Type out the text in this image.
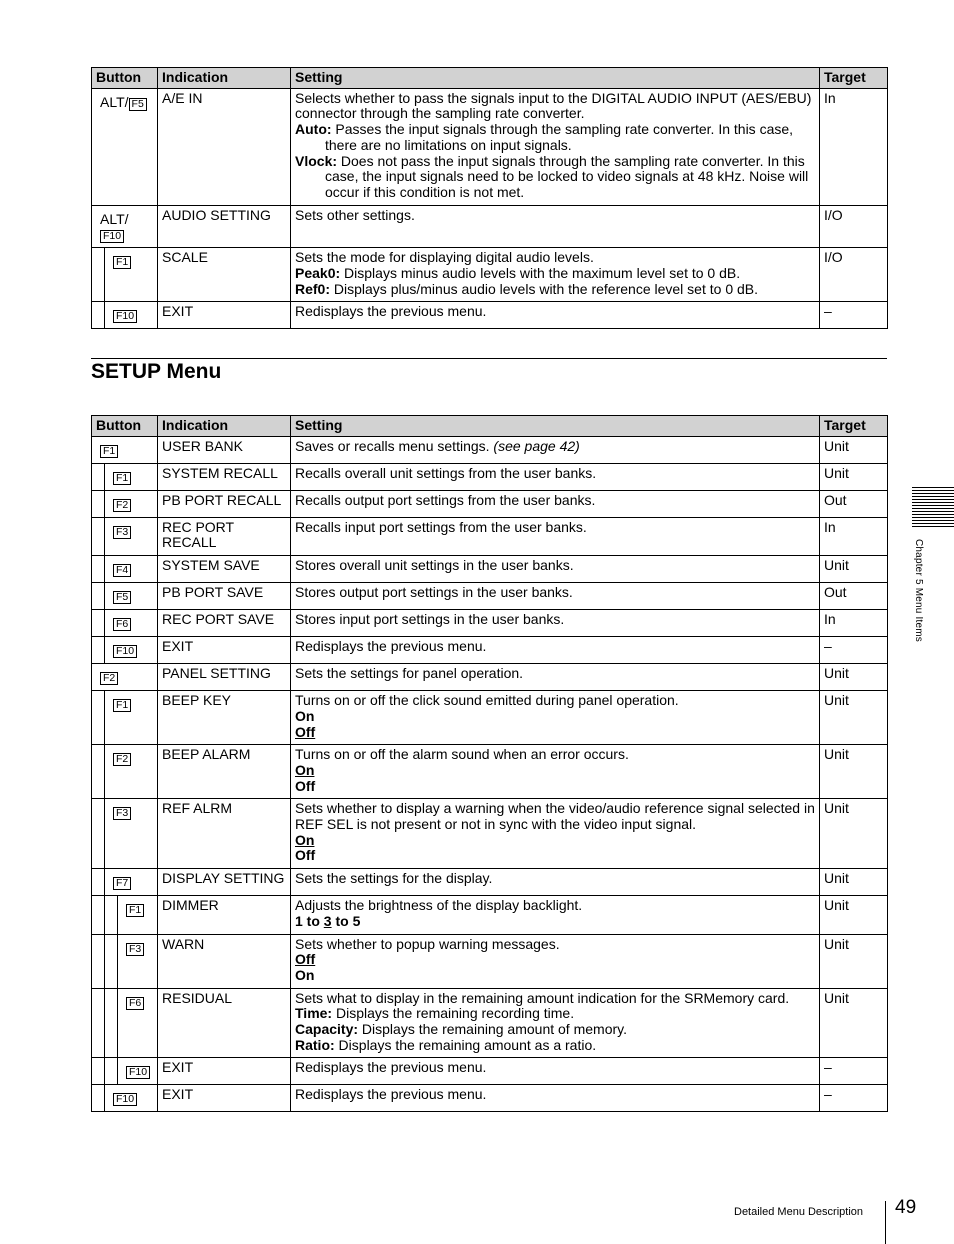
Button	Indication	Setting	Target

ALT/ F5	A/E IN	Selects whether to pass the signals input to the DIGITAL AUDIO INPUT (AES/EBU) connector through the sampling rate converter.
Auto: Passes the input signals through the sampling rate converter. In this case, there are no limitations on input signals.
Vlock: Does not pass the input signals through the sampling rate converter. In this case, the input signals need to be locked to video signals at 48 kHz. Noise will occur if this condition is not met.	In

ALT/
F10	AUDIO SETTING	Sets other settings.	I/O

F1	SCALE	Sets the mode for displaying digital audio levels.
Peak0: Displays minus audio levels with the maximum level set to 0 dB.
Ref0: Displays plus/minus audio levels with the reference level set to 0 dB.	I/O

F10	EXIT	Redisplays the previous menu.	–
SETUP Menu
Button	Indication	Setting	Target

F1	USER BANK	Saves or recalls menu settings. (see page 42)	Unit

F1	SYSTEM RECALL	Recalls overall unit settings from the user banks.	Unit

F2	PB PORT RECALL	Recalls output port settings from the user banks.	Out

F3	REC PORT RECALL	Recalls input port settings from the user banks.	In

F4	SYSTEM SAVE	Stores overall unit settings in the user banks.	Unit

F5	PB PORT SAVE	Stores output port settings in the user banks.	Out

F6	REC PORT SAVE	Stores input port settings in the user banks.	In

F10	EXIT	Redisplays the previous menu.	–

F2	PANEL SETTING	Sets the settings for panel operation.	Unit

F1	BEEP KEY	Turns on or off the click sound emitted during panel operation.
On
Off	Unit

F2	BEEP ALARM	Turns on or off the alarm sound when an error occurs.
On
Off	Unit

F3	REF ALRM	Sets whether to display a warning when the video/audio reference signal selected in REF SEL is not present or not in sync with the video input signal.
On
Off	Unit

F7	DISPLAY SETTING	Sets the settings for the display.	Unit

F1	DIMMER	Adjusts the brightness of the display backlight.
1 to 3 to 5	Unit

F3	WARN	Sets whether to popup warning messages.
Off
On	Unit

F6	RESIDUAL	Sets what to display in the remaining amount indication for the SRMemory card.
Time: Displays the remaining recording time.
Capacity: Displays the remaining amount of memory.
Ratio: Displays the remaining amount as a ratio.	Unit

F10	EXIT	Redisplays the previous menu.	–

F10	EXIT	Redisplays the previous menu.	–
Chapter 5 Menu Items
Detailed Menu Description 49
